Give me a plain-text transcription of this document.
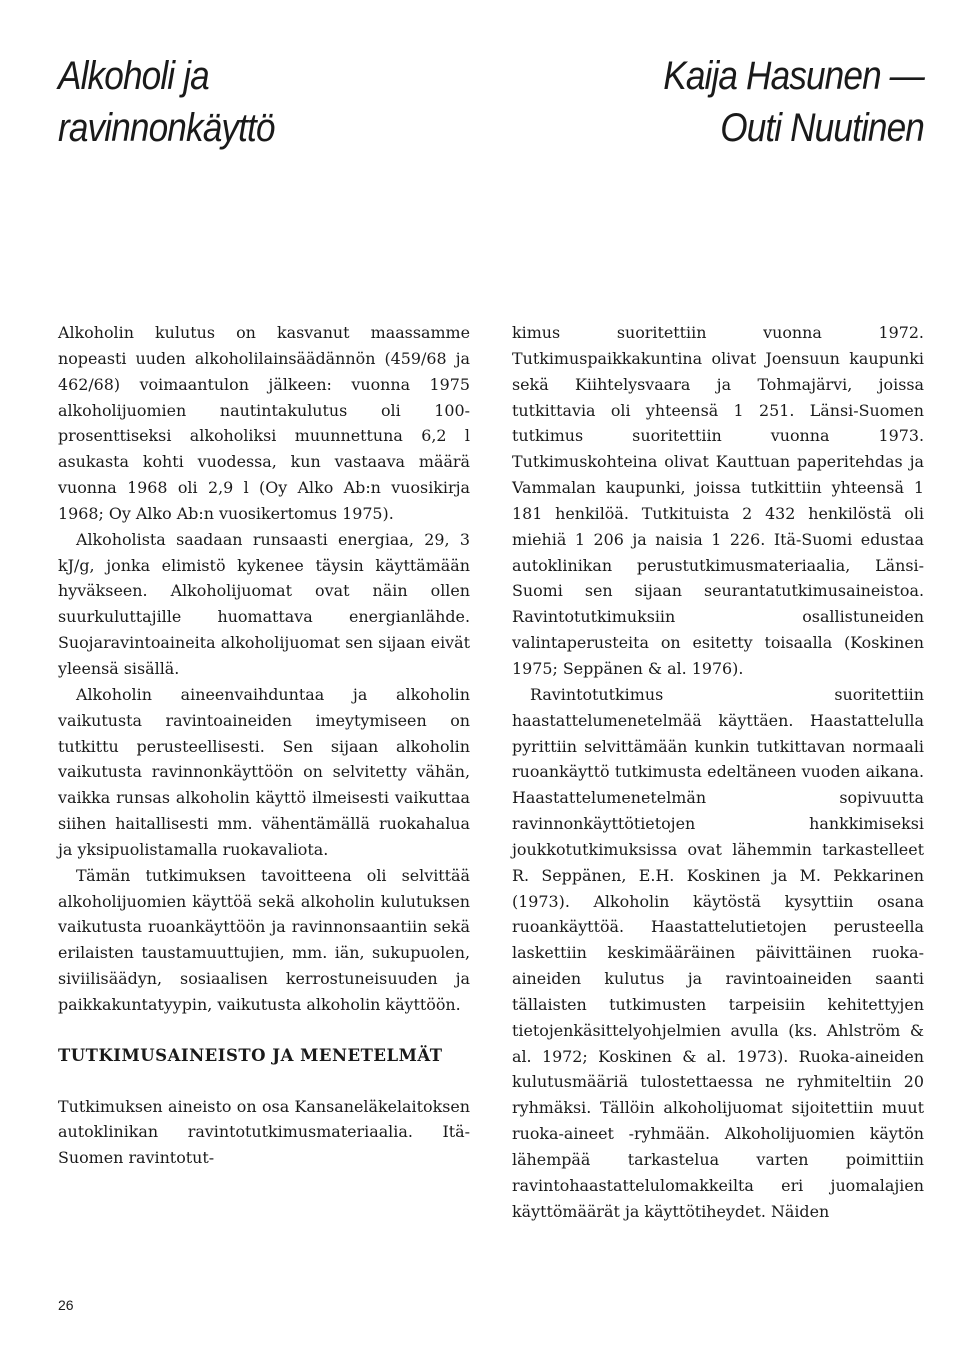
Alkoholi ja
ravinnonkäyttö
Kaija Hasunen —
Outi Nuutinen

Alkoholin kulutus on kasvanut maassamme nopeasti uuden alkoholilainsäädännön (459/68 ja 462/68) voimaantulon jälkeen: vuonna 1975 alkoholijuomien nautintakulutus oli 100-prosenttiseksi alkoholiksi muunnettuna 6,2 l asukasta kohti vuodessa, kun vastaava määrä vuonna 1968 oli 2,9 l (Oy Alko Ab:n vuosikirja 1968; Oy Alko Ab:n vuosikertomus 1975).

Alkoholista saadaan runsaasti energiaa, 29, 3 kJ/g, jonka elimistö kykenee täysin käyttämään hyväkseen. Alkoholijuomat ovat näin ollen suurkuluttajille huomattava energianlähde. Suojaravintoaineita alkoholijuomat sen sijaan eivät yleensä sisällä.

Alkoholin aineenvaihduntaa ja alkoholin vaikutusta ravintoaineiden imeytymiseen on tutkittu perusteellisesti. Sen sijaan alkoholin vaikutusta ravinnonkäyttöön on selvitetty vähän, vaikka runsas alkoholin käyttö ilmeisesti vaikuttaa siihen haitallisesti mm. vähentämällä ruokahalua ja yksipuolistamalla ruokavaliota.

Tämän tutkimuksen tavoitteena oli selvittää alkoholijuomien käyttöä sekä alkoholin kulutuksen vaikutusta ruoankäyttöön ja ravinnonsaantiin sekä erilaisten taustamuuttujien, mm. iän, sukupuolen, siviilisäädyn, sosiaalisen kerrostuneisuuden ja paikkakuntatyypin, vaikutusta alkoholin käyttöön.

TUTKIMUSAINEISTO JA MENETELMÄT

Tutkimuksen aineisto on osa Kansaneläkelaitoksen autoklinikan ravintotutkimusmateriaalia. Itä-Suomen ravintotut-

kimus suoritettiin vuonna 1972. Tutkimuspaikkakuntina olivat Joensuun kaupunki sekä Kiihtelysvaara ja Tohmajärvi, joissa tutkittavia oli yhteensä 1 251. Länsi-Suomen tutkimus suoritettiin vuonna 1973. Tutkimuskohteina olivat Kauttuan paperitehdas ja Vammalan kaupunki, joissa tutkittiin yhteensä 1 181 henkilöä. Tutkituista 2 432 henkilöstä oli miehiä 1 206 ja naisia 1 226. Itä-Suomi edustaa autoklinikan perustutkimusmateriaalia, Länsi-Suomi sen sijaan seurantatutkimusaineistoa. Ravintotutkimuksiin osallistuneiden valintaperusteita on esitetty toisaalla (Koskinen 1975; Seppänen & al. 1976).

Ravintotutkimus suoritettiin haastattelumenetelmää käyttäen. Haastattelulla pyrittiin selvittämään kunkin tutkittavan normaali ruoankäyttö tutkimusta edeltäneen vuoden aikana. Haastattelumenetelmän sopivuutta ravinnonkäyttötietojen hankkimiseksi joukkotutkimuksissa ovat lähemmin tarkastelleet R. Seppänen, E.H. Koskinen ja M. Pekkarinen (1973). Alkoholin käytöstä kysyttiin osana ruoankäyttöä. Haastattelutietojen perusteella laskettiin keskimääräinen päivittäinen ruoka-aineiden kulutus ja ravintoaineiden saanti tällaisten tutkimusten tarpeisiin kehitettyjen tietojenkäsittelyohjelmien avulla (ks. Ahlström & al. 1972; Koskinen & al. 1973). Ruoka-aineiden kulutusmääriä tulostettaessa ne ryhmiteltiin 20 ryhmäksi. Tällöin alkoholijuomat sijoitettiin muut ruoka-aineet -ryhmään. Alkoholijuomien käytön lähempää tarkastelua varten poimittiin ravintohaastattelulomakkeilta eri juomalajien käyttömäärät ja käyttötiheydet. Näiden

26
